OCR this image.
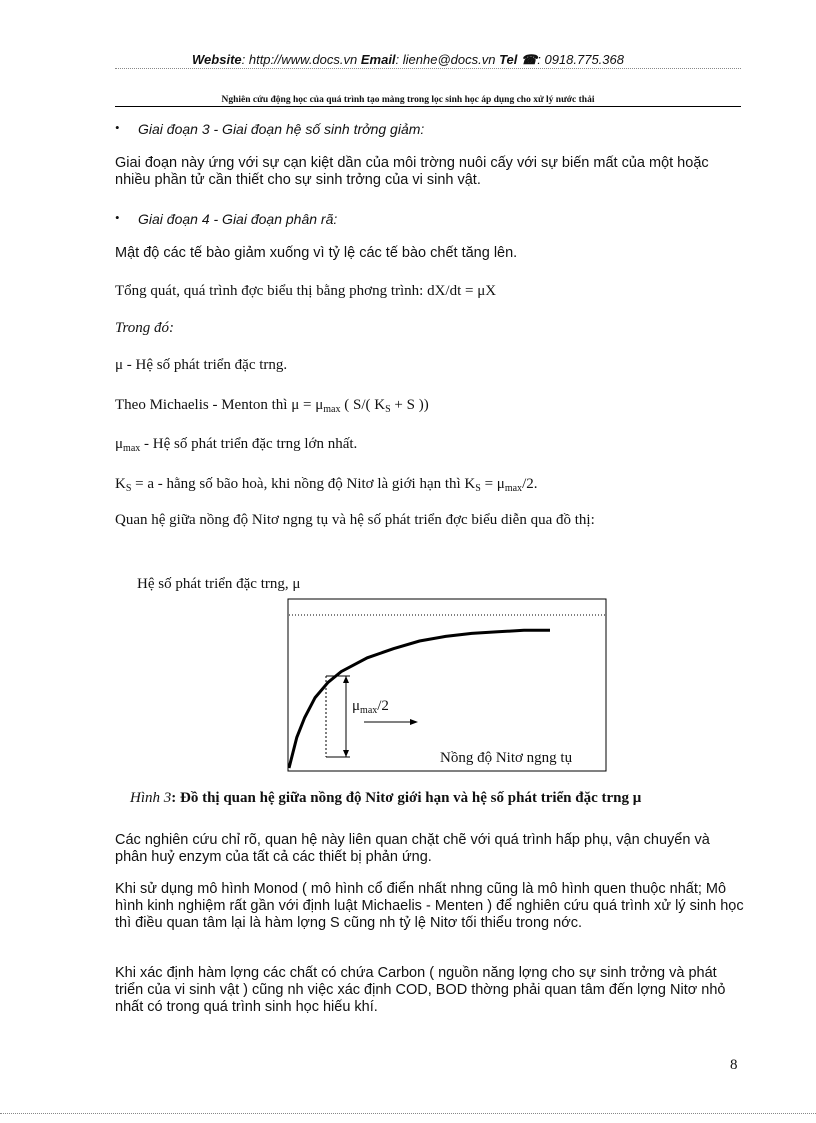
Website: http://www.docs.vn Email: lienhe@docs.vn Tel ☎: 0918.775.368
Nghiên cứu động học của quá trình tạo màng trong lọc sinh học áp dụng cho xử lý nước thải
• Giai đoạn 3 - Giai đoạn hệ số sinh trởng giảm:
Giai đoạn này ứng với sự cạn kiệt dần của môi trờng nuôi cấy với sự biến mất của một hoặc nhiều phần tử cần thiết cho sự sinh trởng của vi sinh vật.
• Giai đoạn 4 - Giai đoạn phân rã:
Mật độ các tế bào giảm xuống vì tỷ lệ các tế bào chết tăng lên.
Tổng quát, quá trình đợc biểu thị bằng phơng trình: dX/dt = μX
Trong đó:
μ - Hệ số phát triển đặc trng.
Theo Michaelis - Menton thì $\mu = \mu_{max}$ ( S/( $K_S + S$ ))
$\mu_{max}$ - Hệ số phát triển đặc trng lớn nhất.
$K_S = a$ - hằng số bão hoà, khi nồng độ Nitơ là giới hạn thì $K_S = \mu_{max}/2$.
Quan hệ giữa nồng độ Nitơ ngng tụ và hệ số phát triển đợc biểu diễn qua đồ thị:
Hệ số phát triển đặc trng, μ
$\mu_{max}/2$
Nồng độ Nitơ ngng tụ
Hình 3: Đồ thị quan hệ giữa nồng độ Nitơ giới hạn và hệ số phát triển đặc trng μ
Các nghiên cứu chỉ rõ, quan hệ này liên quan chặt chẽ với quá trình hấp phụ, vận chuyển và phân huỷ enzym của tất cả các thiết bị phản ứng.
Khi sử dụng mô hình Monod ( mô hình cổ điển nhất nhng cũng là mô hình quen thuộc nhất; Mô hình kinh nghiệm rất gần với định luật Michaelis - Menten ) để nghiên cứu quá trình xử lý sinh học thì điều quan tâm lại là hàm lợng S cũng nh tỷ lệ Nitơ tối thiểu trong nớc.
Khi xác định hàm lợng các chất có chứa Carbon ( nguồn năng lợng cho sự sinh trởng và phát triển của vi sinh vật ) cũng nh việc xác định COD, BOD thờng phải quan tâm đến lợng Nitơ nhỏ nhất có trong quá trình sinh học hiếu khí.
8
